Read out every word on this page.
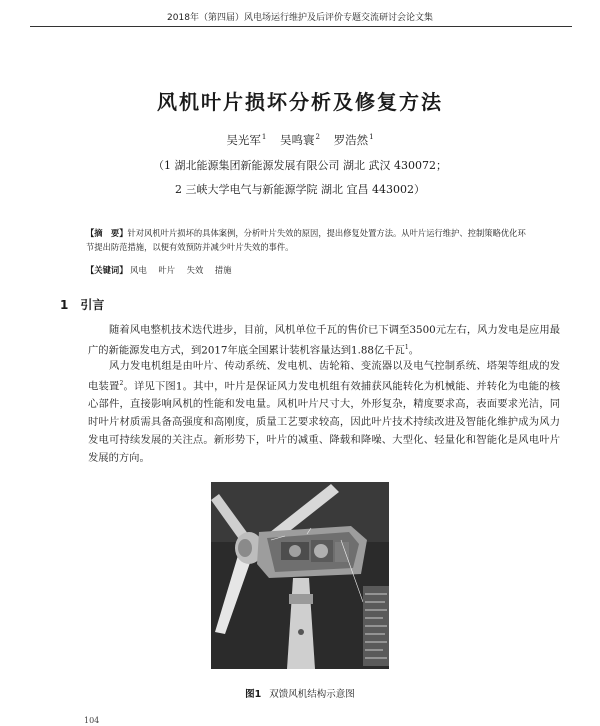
2018年（第四届）风电场运行维护及后评价专题交流研讨会论文集
风机叶片损坏分析及修复方法
吴光军$^1$ 吴鸣寰$^2$ 罗浩然$^1$
（1 湖北能源集团新能源发展有限公司 湖北 武汉 430072；
2 三峡大学电气与新能源学院 湖北 宜昌 443002）
【摘　要】针对风机叶片损坏的具体案例，分析叶片失效的原因，提出修复处置方法。从叶片运行维护、控制策略优化环节提出防范措施，以便有效预防并减少叶片失效的事件。
【关键词】 风电 叶片 失效 措施
1 引言
随着风电整机技术迭代进步，目前，风机单位千瓦的售价已下调至3500元左右，风力发电是应用最广的新能源发电方式，到2017年底全国累计装机容量达到1.88亿千瓦$^1$。
风力发电机组是由叶片、传动系统、发电机、齿轮箱、变流器以及电气控制系统、塔架等组成的发电装置$^2$。详见下图1。其中，叶片是保证风力发电机组有效捕获风能转化为机械能、并转化为电能的核心部件，直接影响风机的性能和发电量。风机叶片尺寸大，外形复杂，精度要求高，表面要求光洁，同时叶片材质需具备高强度和高刚度，质量工艺要求较高，因此叶片技术持续改进及智能化维护成为风力发电可持续发展的关注点。新形势下，叶片的减重、降载和降噪、大型化、轻量化和智能化是风电叶片发展的方向。
图1 双馈风机结构示意图
104
